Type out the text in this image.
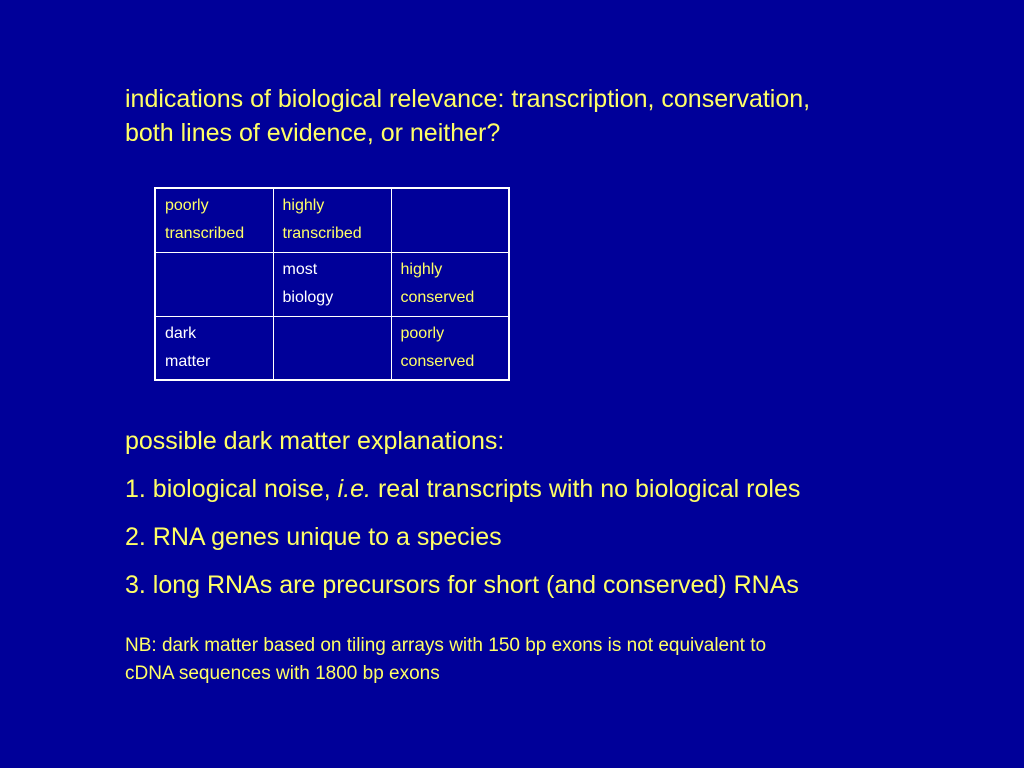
indications of biological relevance: transcription, conservation,
both lines of evidence, or neither?
poorly
transcribed	highly
transcribed	

	most
biology	highly
conserved

dark
matter		poorly
conserved
possible dark matter explanations:
1. biological noise, i.e. real transcripts with no biological roles
2. RNA genes unique to a species
3. long RNAs are precursors for short (and conserved) RNAs

NB: dark matter based on tiling arrays with 150 bp exons is not equivalent to
cDNA sequences with 1800 bp exons
